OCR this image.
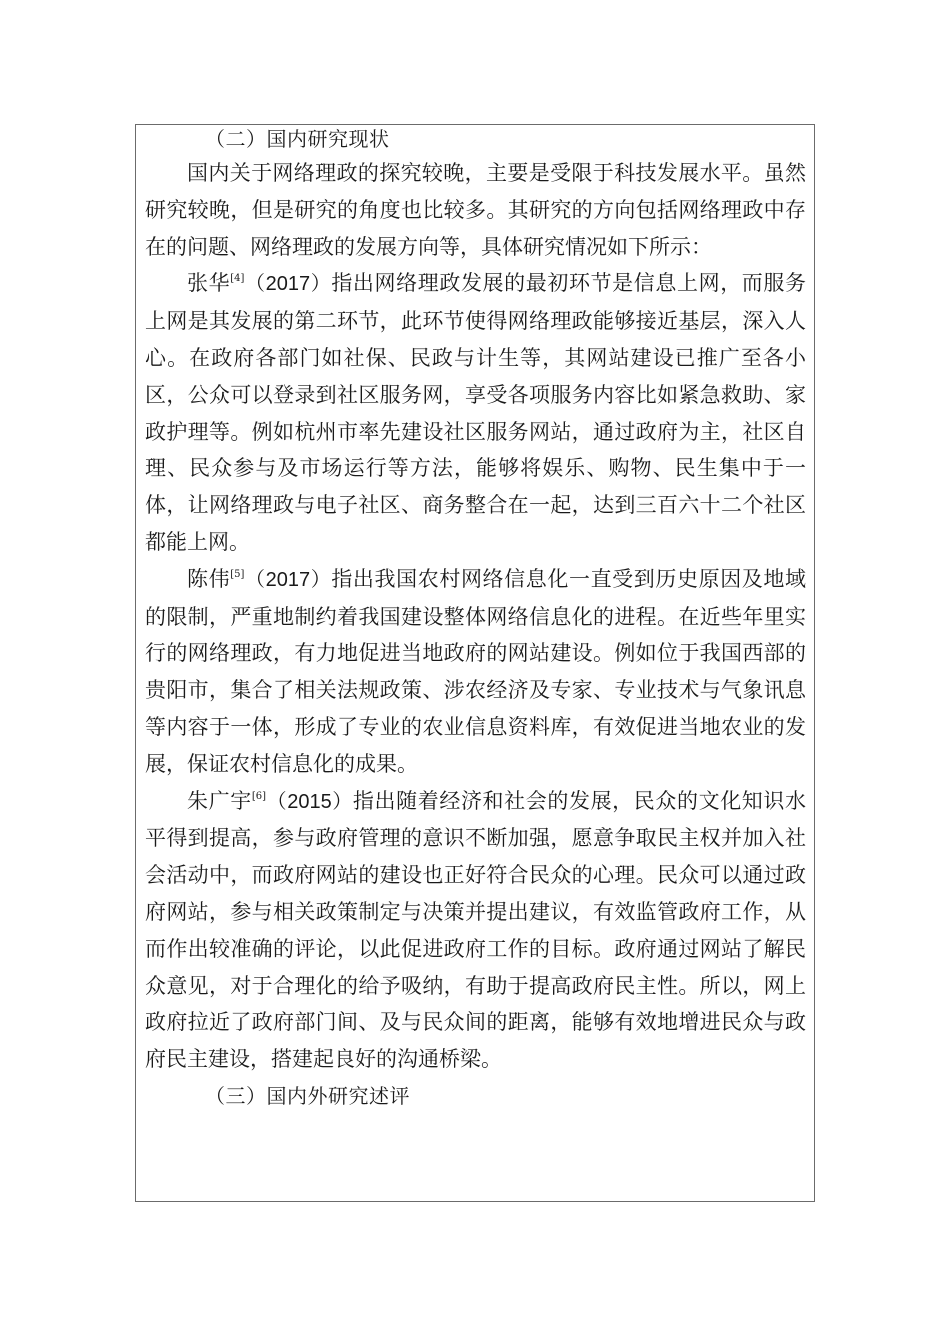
（二）国内研究现状

国内关于网络理政的探究较晚，主要是受限于科技发展水平。虽然研究较晚，但是研究的角度也比较多。其研究的方向包括网络理政中存在的问题、网络理政的发展方向等，具体研究情况如下所示：

张华[4]（2017）指出网络理政发展的最初环节是信息上网，而服务上网是其发展的第二环节，此环节使得网络理政能够接近基层，深入人心。在政府各部门如社保、民政与计生等，其网站建设已推广至各小区，公众可以登录到社区服务网，享受各项服务内容比如紧急救助、家政护理等。例如杭州市率先建设社区服务网站，通过政府为主，社区自理、民众参与及市场运行等方法，能够将娱乐、购物、民生集中于一体，让网络理政与电子社区、商务整合在一起，达到三百六十二个社区都能上网。

陈伟[5]（2017）指出我国农村网络信息化一直受到历史原因及地域的限制，严重地制约着我国建设整体网络信息化的进程。在近些年里实行的网络理政，有力地促进当地政府的网站建设。例如位于我国西部的贵阳市，集合了相关法规政策、涉农经济及专家、专业技术与气象讯息等内容于一体，形成了专业的农业信息资料库，有效促进当地农业的发展，保证农村信息化的成果。

朱广宇[6]（2015）指出随着经济和社会的发展，民众的文化知识水平得到提高，参与政府管理的意识不断加强，愿意争取民主权并加入社会活动中，而政府网站的建设也正好符合民众的心理。民众可以通过政府网站，参与相关政策制定与决策并提出建议，有效监管政府工作，从而作出较准确的评论，以此促进政府工作的目标。政府通过网站了解民众意见，对于合理化的给予吸纳，有助于提高政府民主性。所以，网上政府拉近了政府部门间、及与民众间的距离，能够有效地增进民众与政府民主建设，搭建起良好的沟通桥梁。

（三）国内外研究述评
